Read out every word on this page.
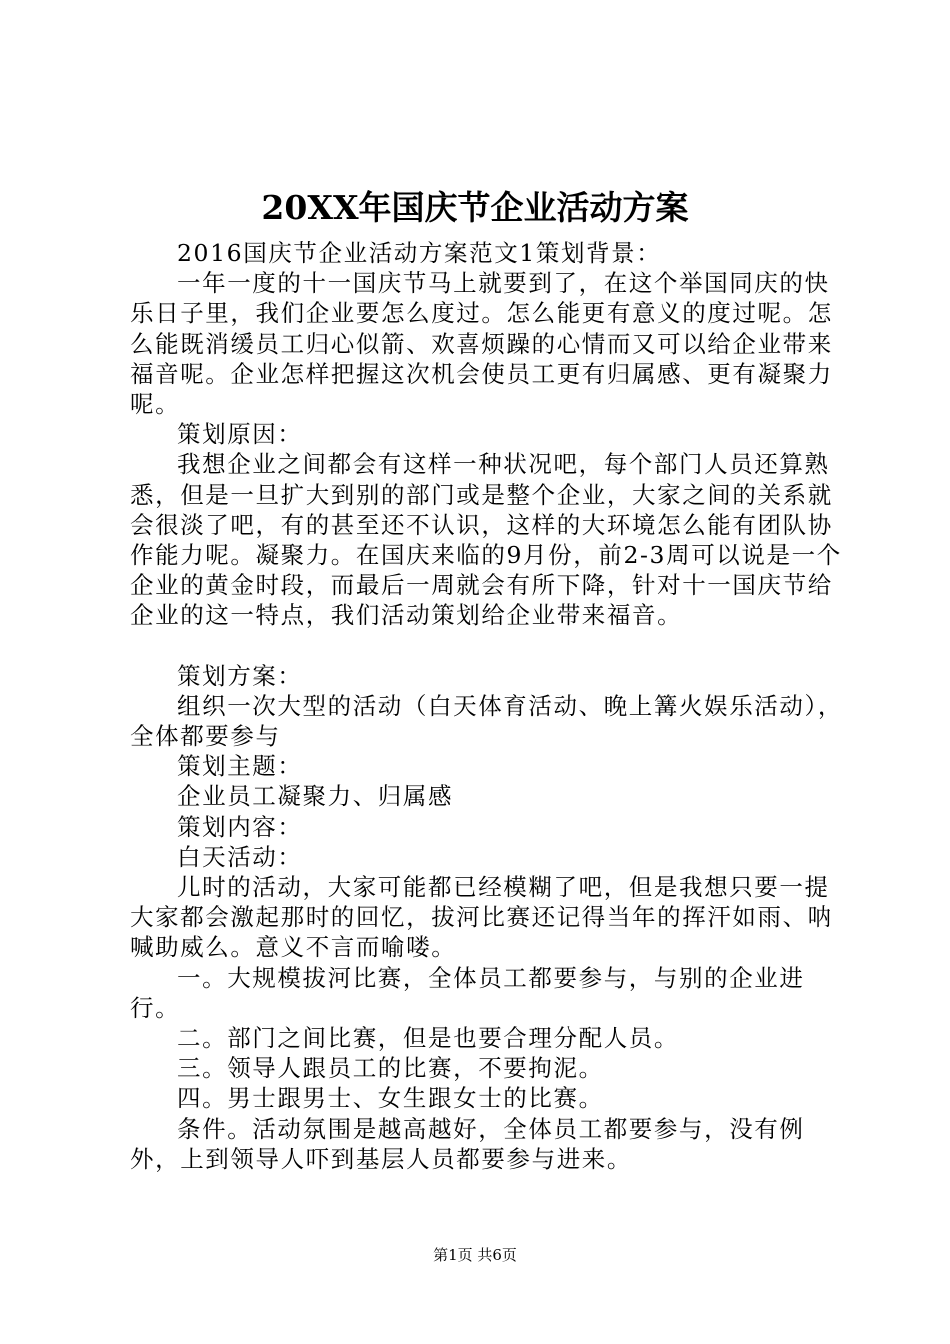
20XX年国庆节企业活动方案

2016国庆节企业活动方案范文1策划背景：

一年一度的十一国庆节马上就要到了，在这个举国同庆的快乐日子里，我们企业要怎么度过。怎么能更有意义的度过呢。怎么能既消缓员工归心似箭、欢喜烦躁的心情而又可以给企业带来福音呢。企业怎样把握这次机会使员工更有归属感、更有凝聚力呢。

策划原因：

我想企业之间都会有这样一种状况吧，每个部门人员还算熟悉，但是一旦扩大到别的部门或是整个企业，大家之间的关系就会很淡了吧，有的甚至还不认识，这样的大环境怎么能有团队协作能力呢。凝聚力。在国庆来临的9月份，前2-3周可以说是一个企业的黄金时段，而最后一周就会有所下降，针对十一国庆节给企业的这一特点，我们活动策划给企业带来福音。

策划方案：

组织一次大型的活动（白天体育活动、晚上篝火娱乐活动），全体都要参与

策划主题：

企业员工凝聚力、归属感

策划内容：

白天活动：

儿时的活动，大家可能都已经模糊了吧，但是我想只要一提大家都会激起那时的回忆，拔河比赛还记得当年的挥汗如雨、呐喊助威么。意义不言而喻喽。

一。大规模拔河比赛，全体员工都要参与，与别的企业进行。

二。部门之间比赛，但是也要合理分配人员。

三。领导人跟员工的比赛，不要拘泥。

四。男士跟男士、女生跟女士的比赛。

条件。活动氛围是越高越好，全体员工都要参与，没有例外，上到领导人吓到基层人员都要参与进来。

第1页 共6页
